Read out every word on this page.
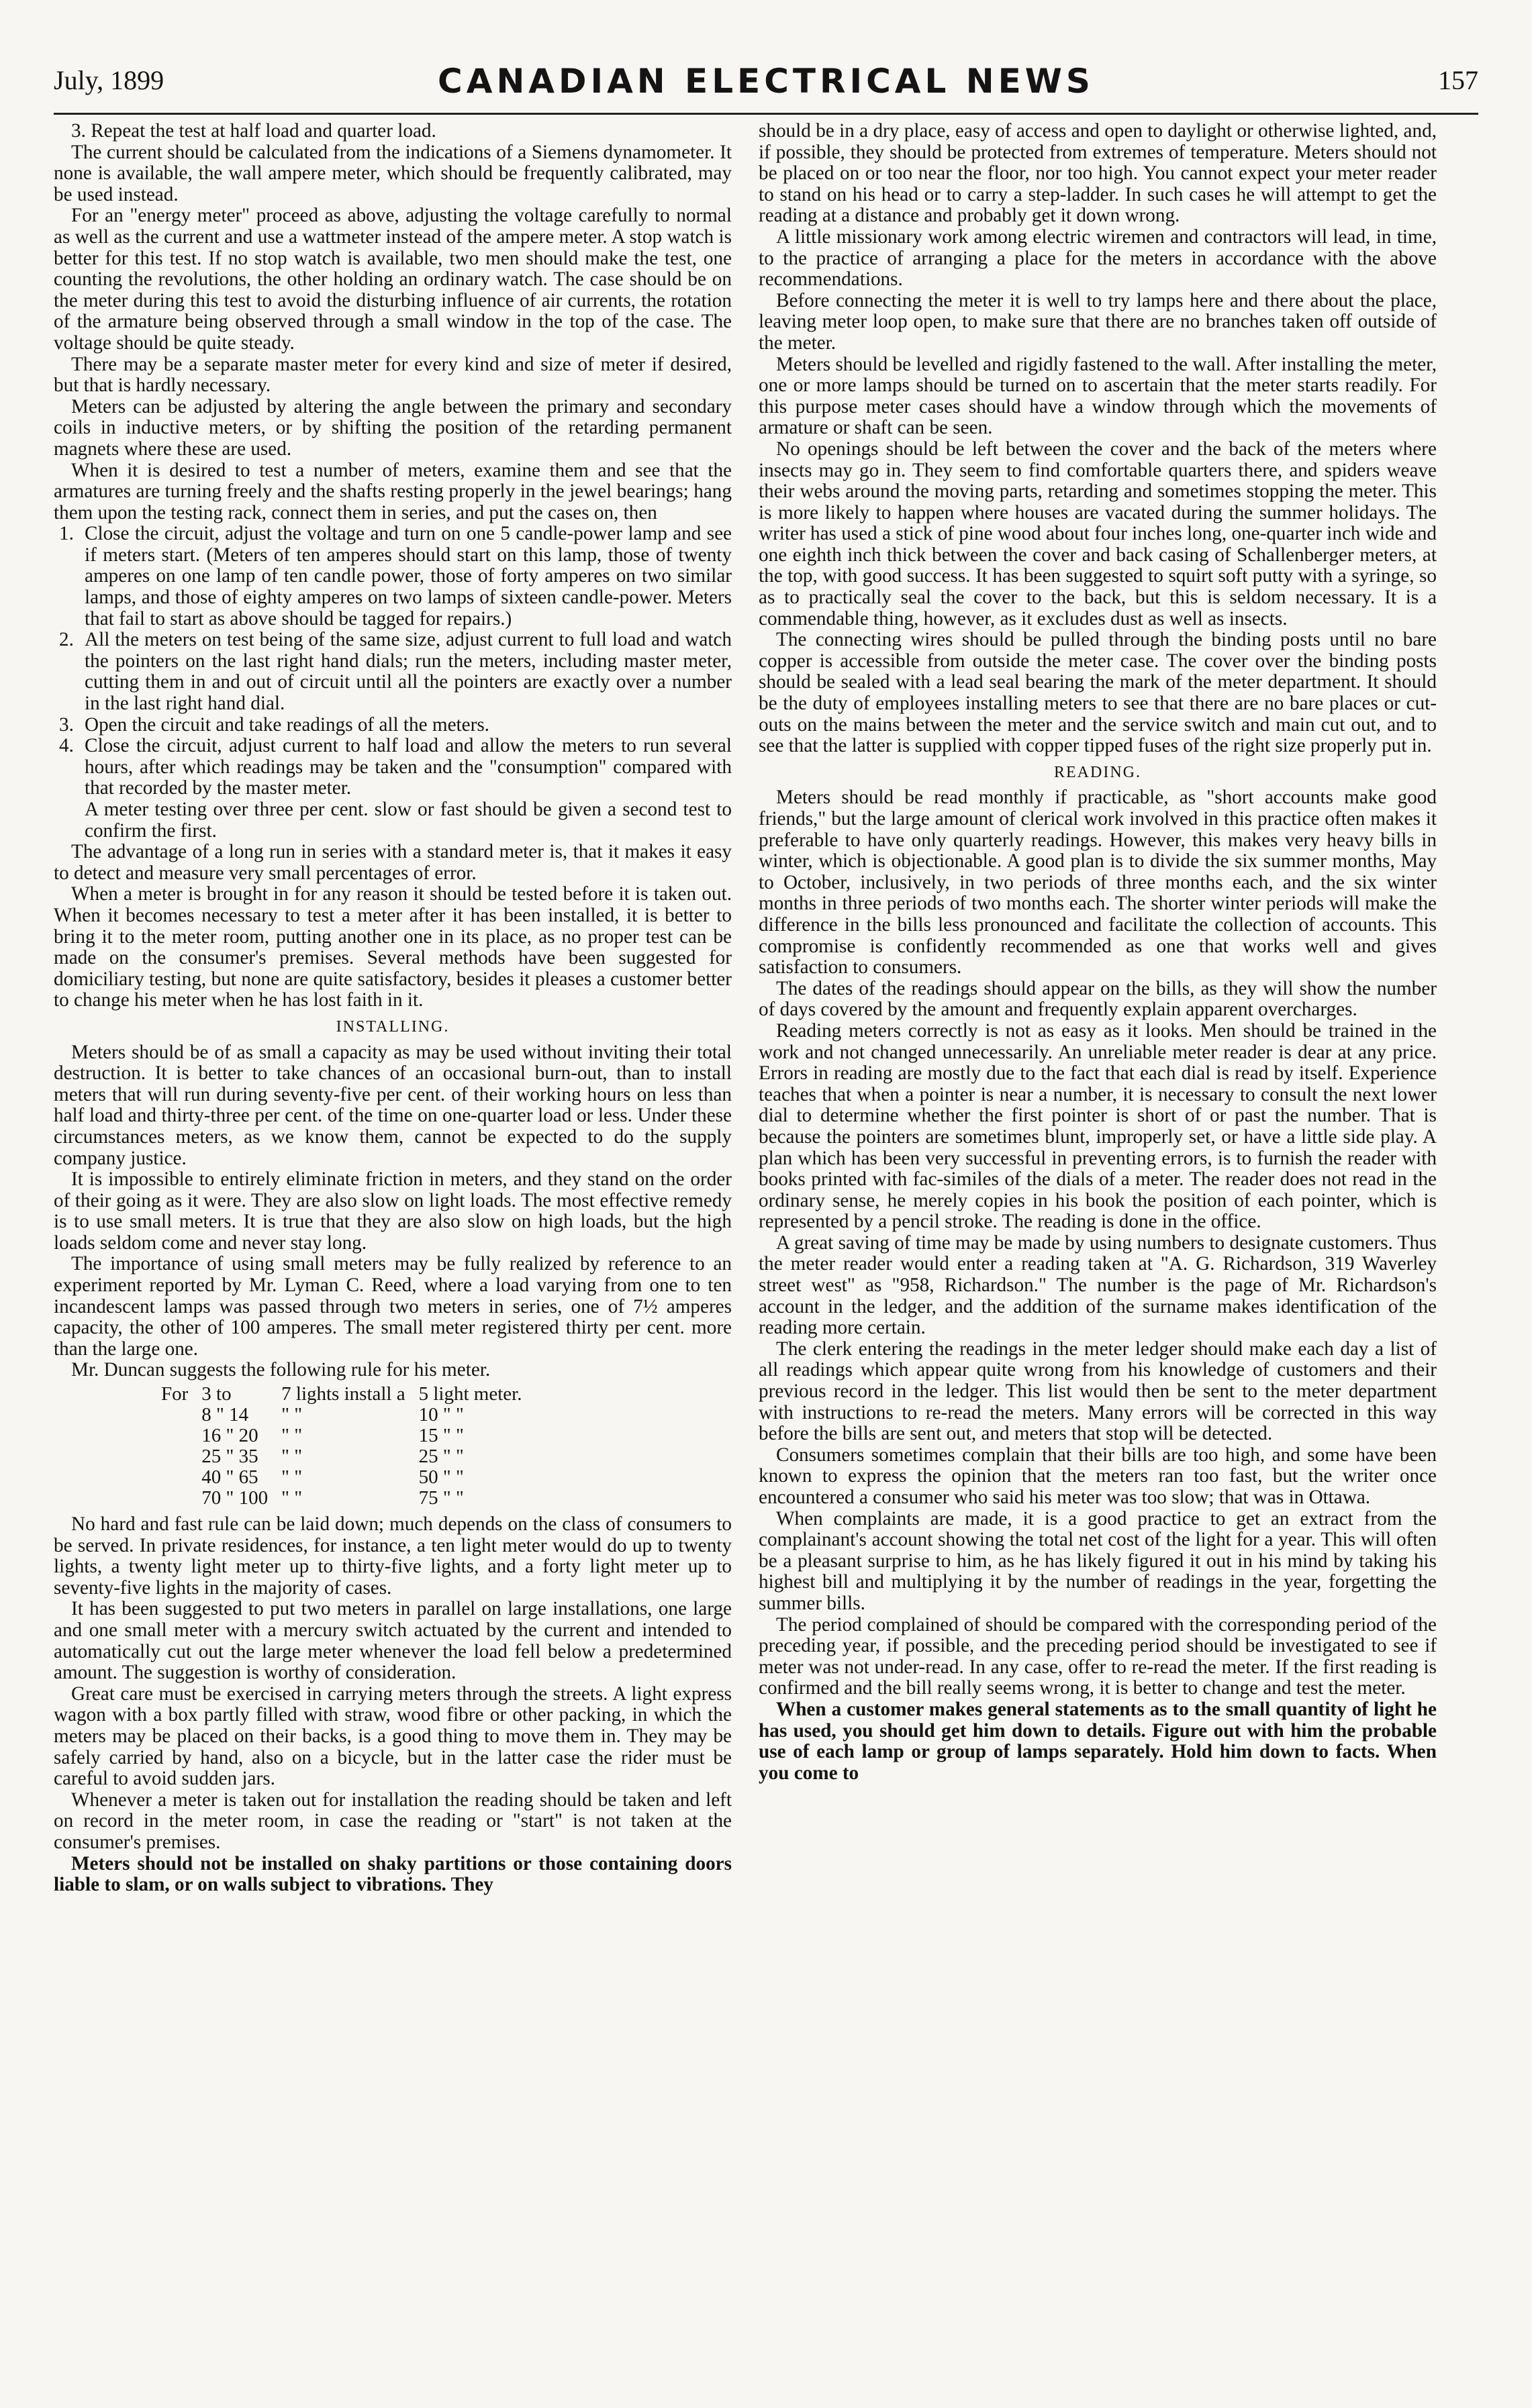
July, 1899	CANADIAN ELECTRICAL NEWS	157

3. Repeat the test at half load and quarter load.

The current should be calculated from the indications of a Siemens dynamometer. It none is available, the wall ampere meter, which should be frequently calibrated, may be used instead.

For an "energy meter" proceed as above, adjusting the voltage carefully to normal as well as the current and use a wattmeter instead of the ampere meter. A stop watch is better for this test. If no stop watch is available, two men should make the test, one counting the revolutions, the other holding an ordinary watch. The case should be on the meter during this test to avoid the disturbing influence of air currents, the rotation of the armature being observed through a small window in the top of the case. The voltage should be quite steady.

There may be a separate master meter for every kind and size of meter if desired, but that is hardly necessary.

Meters can be adjusted by altering the angle between the primary and secondary coils in inductive meters, or by shifting the position of the retarding permanent magnets where these are used.

When it is desired to test a number of meters, examine them and see that the armatures are turning freely and the shafts resting properly in the jewel bearings; hang them upon the testing rack, connect them in series, and put the cases on, then

1. Close the circuit, adjust the voltage and turn on one 5 candle-power lamp and see if meters start. (Meters of ten amperes should start on this lamp, those of twenty amperes on one lamp of ten candle power, those of forty amperes on two similar lamps, and those of eighty amperes on two lamps of sixteen candle-power. Meters that fail to start as above should be tagged for repairs.)
2. All the meters on test being of the same size, adjust current to full load and watch the pointers on the last right hand dials; run the meters, including master meter, cutting them in and out of circuit until all the pointers are exactly over a number in the last right hand dial.
3. Open the circuit and take readings of all the meters.
4. Close the circuit, adjust current to half load and allow the meters to run several hours, after which readings may be taken and the "consumption" compared with that recorded by the master meter.

A meter testing over three per cent. slow or fast should be given a second test to confirm the first.

The advantage of a long run in series with a standard meter is, that it makes it easy to detect and measure very small percentages of error.

When a meter is brought in for any reason it should be tested before it is taken out. When it becomes necessary to test a meter after it has been installed, it is better to bring it to the meter room, putting another one in its place, as no proper test can be made on the consumer's premises. Several methods have been suggested for domiciliary testing, but none are quite satisfactory, besides it pleases a customer better to change his meter when he has lost faith in it.

INSTALLING.

Meters should be of as small a capacity as may be used without inviting their total destruction. It is better to take chances of an occasional burn-out, than to install meters that will run during seventy-five per cent. of their working hours on less than half load and thirty-three per cent. of the time on one-quarter load or less. Under these circumstances meters, as we know them, cannot be expected to do the supply company justice.

It is impossible to entirely eliminate friction in meters, and they stand on the order of their going as it were. They are also slow on light loads. The most effective remedy is to use small meters. It is true that they are also slow on high loads, but the high loads seldom come and never stay long.

The importance of using small meters may be fully realized by reference to an experiment reported by Mr. Lyman C. Reed, where a load varying from one to ten incandescent lamps was passed through two meters in series, one of 7½ amperes capacity, the other of 100 amperes. The small meter registered thirty per cent. more than the large one.

Mr. Duncan suggests the following rule for his meter.

For	3 to	7 lights install a	5 light meter.
	8 " 14	" "	10 " "
	16 " 20	" "	15 " "
	25 " 35	" "	25 " "
	40 " 65	" "	50 " "
	70 " 100	" "	75 " "

No hard and fast rule can be laid down; much depends on the class of consumers to be served. In private residences, for instance, a ten light meter would do up to twenty lights, a twenty light meter up to thirty-five lights, and a forty light meter up to seventy-five lights in the majority of cases.

It has been suggested to put two meters in parallel on large installations, one large and one small meter with a mercury switch actuated by the current and intended to automatically cut out the large meter whenever the load fell below a predetermined amount. The suggestion is worthy of consideration.

Great care must be exercised in carrying meters through the streets. A light express wagon with a box partly filled with straw, wood fibre or other packing, in which the meters may be placed on their backs, is a good thing to move them in. They may be safely carried by hand, also on a bicycle, but in the latter case the rider must be careful to avoid sudden jars.

Whenever a meter is taken out for installation the reading should be taken and left on record in the meter room, in case the reading or "start" is not taken at the consumer's premises.

Meters should not be installed on shaky partitions or those containing doors liable to slam, or on walls subject to vibrations. They

should be in a dry place, easy of access and open to daylight or otherwise lighted, and, if possible, they should be protected from extremes of temperature. Meters should not be placed on or too near the floor, nor too high. You cannot expect your meter reader to stand on his head or to carry a step-ladder. In such cases he will attempt to get the reading at a distance and probably get it down wrong.

A little missionary work among electric wiremen and contractors will lead, in time, to the practice of arranging a place for the meters in accordance with the above recommendations.

Before connecting the meter it is well to try lamps here and there about the place, leaving meter loop open, to make sure that there are no branches taken off outside of the meter.

Meters should be levelled and rigidly fastened to the wall. After installing the meter, one or more lamps should be turned on to ascertain that the meter starts readily. For this purpose meter cases should have a window through which the movements of armature or shaft can be seen.

No openings should be left between the cover and the back of the meters where insects may go in. They seem to find comfortable quarters there, and spiders weave their webs around the moving parts, retarding and sometimes stopping the meter. This is more likely to happen where houses are vacated during the summer holidays. The writer has used a stick of pine wood about four inches long, one-quarter inch wide and one eighth inch thick between the cover and back casing of Schallenberger meters, at the top, with good success. It has been suggested to squirt soft putty with a syringe, so as to practically seal the cover to the back, but this is seldom necessary. It is a commendable thing, however, as it excludes dust as well as insects.

The connecting wires should be pulled through the binding posts until no bare copper is accessible from outside the meter case. The cover over the binding posts should be sealed with a lead seal bearing the mark of the meter department. It should be the duty of employees installing meters to see that there are no bare places or cut-outs on the mains between the meter and the service switch and main cut out, and to see that the latter is supplied with copper tipped fuses of the right size properly put in.

READING.

Meters should be read monthly if practicable, as "short accounts make good friends," but the large amount of clerical work involved in this practice often makes it preferable to have only quarterly readings. However, this makes very heavy bills in winter, which is objectionable. A good plan is to divide the six summer months, May to October, inclusively, in two periods of three months each, and the six winter months in three periods of two months each. The shorter winter periods will make the difference in the bills less pronounced and facilitate the collection of accounts. This compromise is confidently recommended as one that works well and gives satisfaction to consumers.

The dates of the readings should appear on the bills, as they will show the number of days covered by the amount and frequently explain apparent overcharges.

Reading meters correctly is not as easy as it looks. Men should be trained in the work and not changed unnecessarily. An unreliable meter reader is dear at any price. Errors in reading are mostly due to the fact that each dial is read by itself. Experience teaches that when a pointer is near a number, it is necessary to consult the next lower dial to determine whether the first pointer is short of or past the number. That is because the pointers are sometimes blunt, improperly set, or have a little side play. A plan which has been very successful in preventing errors, is to furnish the reader with books printed with fac-similes of the dials of a meter. The reader does not read in the ordinary sense, he merely copies in his book the position of each pointer, which is represented by a pencil stroke. The reading is done in the office.

A great saving of time may be made by using numbers to designate customers. Thus the meter reader would enter a reading taken at "A. G. Richardson, 319 Waverley street west" as "958, Richardson." The number is the page of Mr. Richardson's account in the ledger, and the addition of the surname makes identification of the reading more certain.

The clerk entering the readings in the meter ledger should make each day a list of all readings which appear quite wrong from his knowledge of customers and their previous record in the ledger. This list would then be sent to the meter department with instructions to re-read the meters. Many errors will be corrected in this way before the bills are sent out, and meters that stop will be detected.

Consumers sometimes complain that their bills are too high, and some have been known to express the opinion that the meters ran too fast, but the writer once encountered a consumer who said his meter was too slow; that was in Ottawa.

When complaints are made, it is a good practice to get an extract from the complainant's account showing the total net cost of the light for a year. This will often be a pleasant surprise to him, as he has likely figured it out in his mind by taking his highest bill and multiplying it by the number of readings in the year, forgetting the summer bills.

The period complained of should be compared with the corresponding period of the preceding year, if possible, and the preceding period should be investigated to see if meter was not under-read. In any case, offer to re-read the meter. If the first reading is confirmed and the bill really seems wrong, it is better to change and test the meter.

When a customer makes general statements as to the small quantity of light he has used, you should get him down to details. Figure out with him the probable use of each lamp or group of lamps separately. Hold him down to facts. When you come to
